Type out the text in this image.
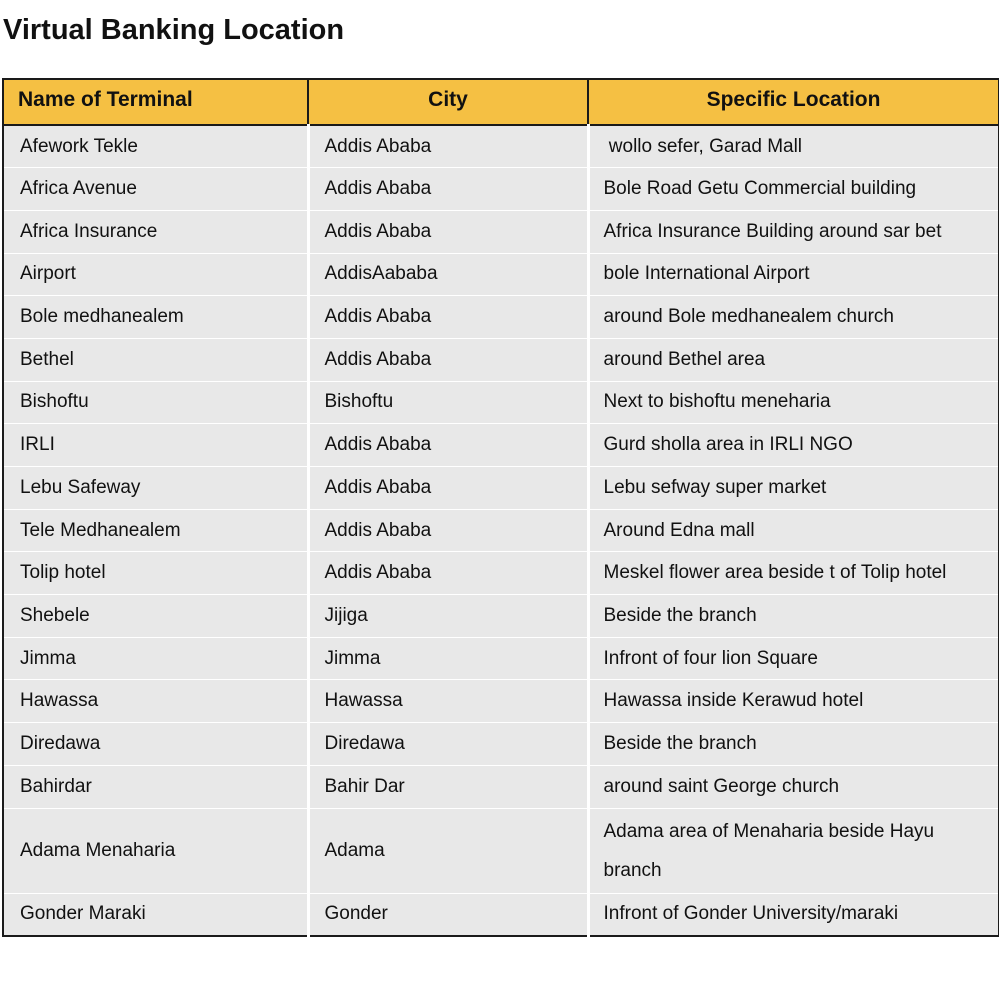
Virtual Banking Location
Name of Terminal	City	Specific Location
Afework Tekle	Addis Ababa	wollo sefer, Garad Mall
Africa Avenue	Addis Ababa	Bole Road Getu Commercial building
Africa Insurance	Addis Ababa	Africa Insurance Building around sar bet
Airport	AddisAababa	bole International Airport
Bole medhanealem	Addis Ababa	around Bole medhanealem church
Bethel	Addis Ababa	around Bethel area
Bishoftu	Bishoftu	Next to bishoftu meneharia
IRLI	Addis Ababa	Gurd sholla area in IRLI NGO
Lebu Safeway	Addis Ababa	Lebu sefway super market
Tele Medhanealem	Addis Ababa	Around Edna mall
Tolip hotel	Addis Ababa	Meskel flower area beside t of Tolip hotel
Shebele	Jijiga	Beside the branch
Jimma	Jimma	Infront of four lion Square
Hawassa	Hawassa	Hawassa inside Kerawud hotel
Diredawa	Diredawa	Beside the branch
Bahirdar	Bahir Dar	around saint George church
Adama Menaharia	Adama	Adama area of Menaharia beside Hayu branch
Gonder Maraki	Gonder	Infront of Gonder University/maraki
